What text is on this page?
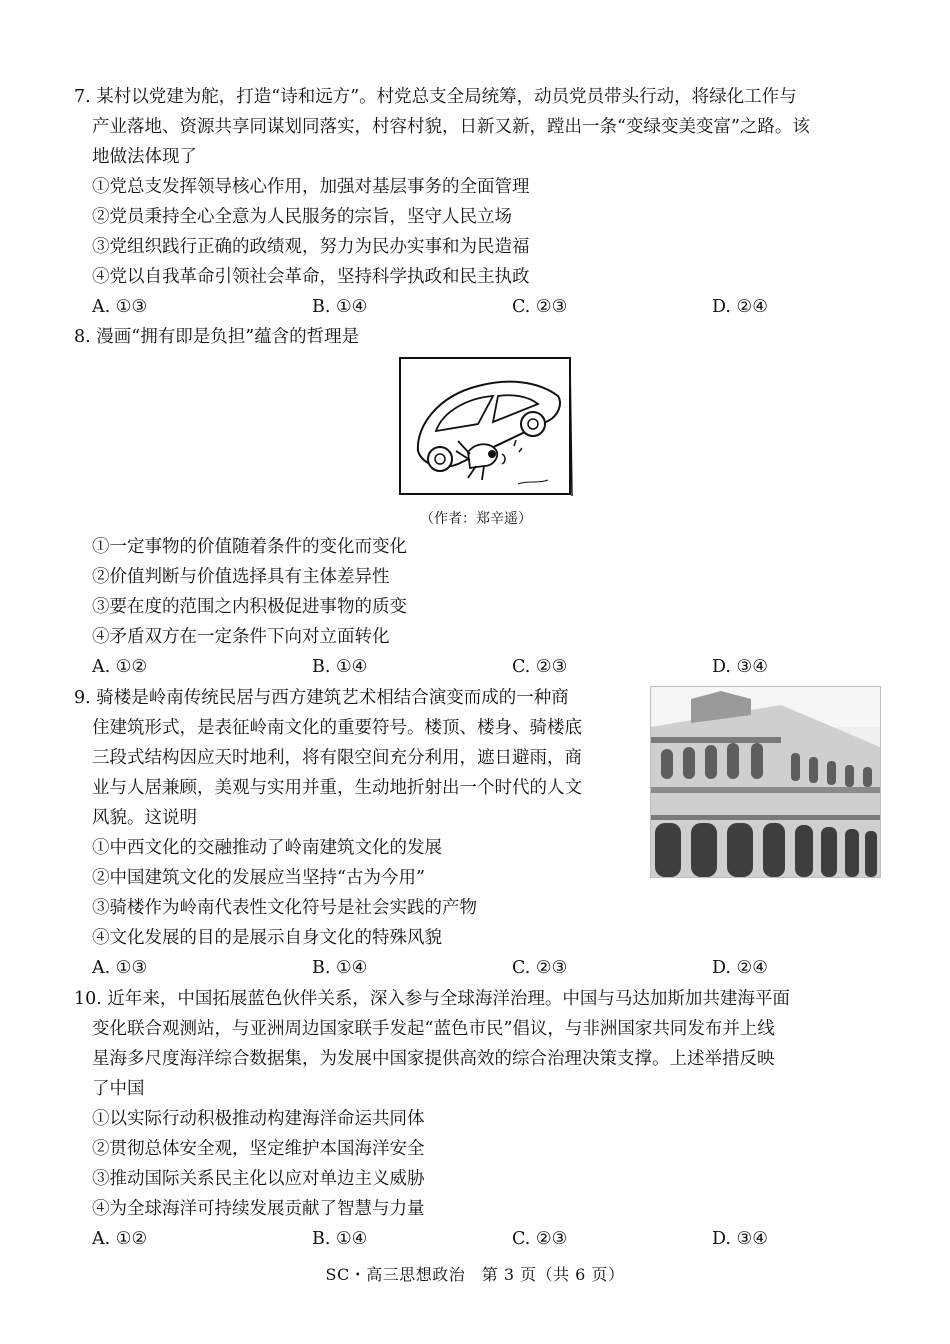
7. 某村以党建为舵，打造“诗和远方”。村党总支全局统筹，动员党员带头行动，将绿化工作与
产业落地、资源共享同谋划同落实，村容村貌，日新又新，蹚出一条“变绿变美变富”之路。该
地做法体现了
①党总支发挥领导核心作用，加强对基层事务的全面管理
②党员秉持全心全意为人民服务的宗旨，坚守人民立场
③党组织践行正确的政绩观，努力为民办实事和为民造福
④党以自我革命引领社会革命，坚持科学执政和民主执政
A. ①③	B. ①④	C. ②③	D. ②④
8. 漫画“拥有即是负担”蕴含的哲理是
（作者：郑辛遥）
①一定事物的价值随着条件的变化而变化
②价值判断与价值选择具有主体差异性
③要在度的范围之内积极促进事物的质变
④矛盾双方在一定条件下向对立面转化
A. ①②	B. ①④	C. ②③	D. ③④
9. 骑楼是岭南传统民居与西方建筑艺术相结合演变而成的一种商
住建筑形式，是表征岭南文化的重要符号。楼顶、楼身、骑楼底
三段式结构因应天时地利，将有限空间充分利用，遮日避雨，商
业与人居兼顾，美观与实用并重，生动地折射出一个时代的人文
风貌。这说明
①中西文化的交融推动了岭南建筑文化的发展
②中国建筑文化的发展应当坚持“古为今用”
③骑楼作为岭南代表性文化符号是社会实践的产物
④文化发展的目的是展示自身文化的特殊风貌
A. ①③	B. ①④	C. ②③	D. ②④
10. 近年来，中国拓展蓝色伙伴关系，深入参与全球海洋治理。中国与马达加斯加共建海平面
变化联合观测站，与亚洲周边国家联手发起“蓝色市民”倡议，与非洲国家共同发布并上线
星海多尺度海洋综合数据集，为发展中国家提供高效的综合治理决策支撑。上述举措反映
了中国
①以实际行动积极推动构建海洋命运共同体
②贯彻总体安全观，坚定维护本国海洋安全
③推动国际关系民主化以应对单边主义威胁
④为全球海洋可持续发展贡献了智慧与力量
A. ①②	B. ①④	C. ②③	D. ③④
SC・高三思想政治　第 3 页（共 6 页）
